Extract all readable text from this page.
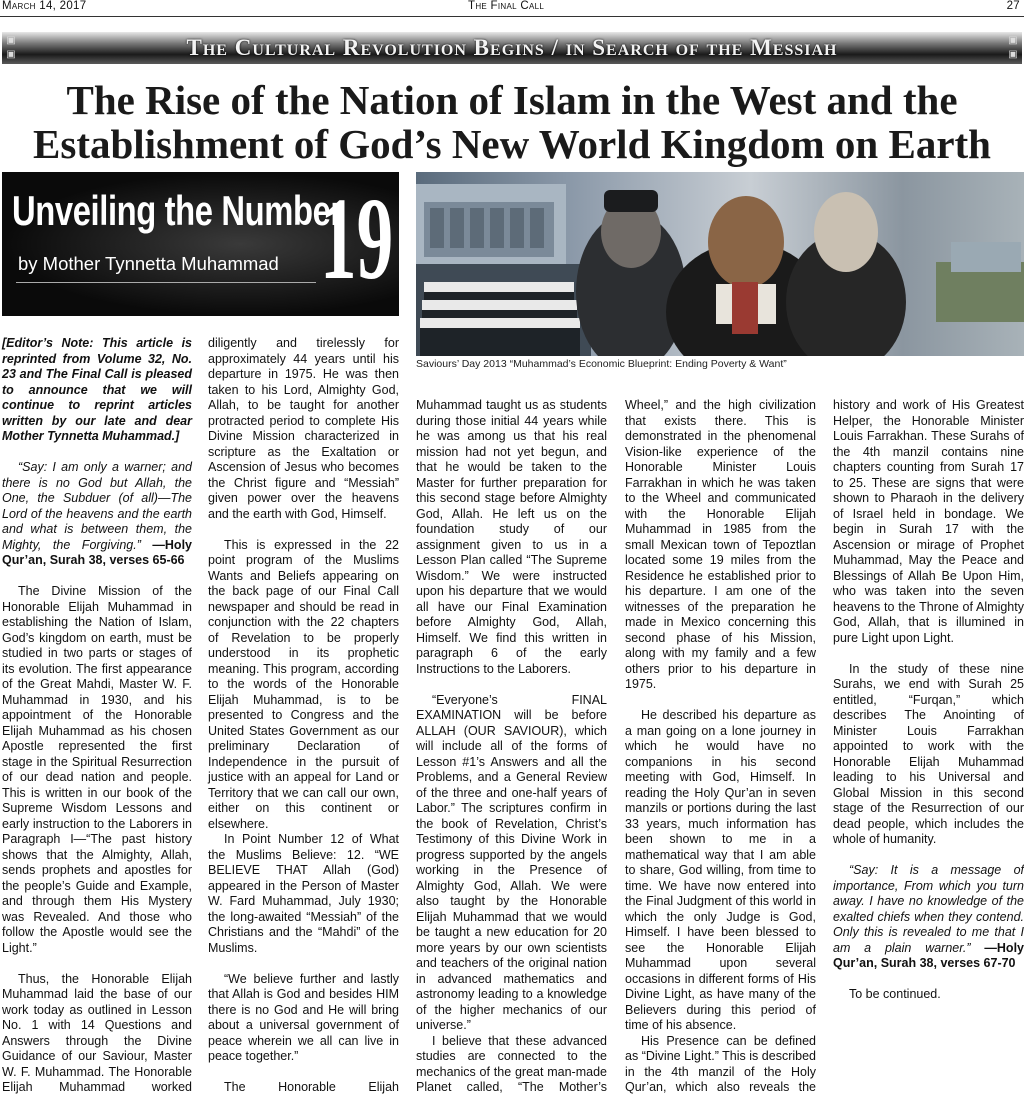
March 14, 2017	The Final Call	27
▣
▣	The Cultural Revolution Begins / in Search of the Messiah	▣
▣
The Rise of the Nation of Islam in the West and the
Establishment of God’s New World Kingdom on Earth
Unveiling the Number
by Mother Tynnetta Muhammad 19
Saviours’ Day 2013 “Muhammad’s Economic Blueprint: Ending Poverty & Want”

[Editor’s Note: This article is reprinted from Volume 32, No. 23 and The Final Call is pleased to announce that we will continue to reprint articles written by our late and dear Mother Tynnetta Muhammad.]

“Say: I am only a warner; and there is no God but Allah, the One, the Subduer (of all)—The Lord of the heavens and the earth and what is between them, the Mighty, the Forgiving.” —Holy Qur’an, Surah 38, verses 65-66

The Divine Mission of the Honorable Elijah Muhammad in establishing the Nation of Islam, God’s kingdom on earth, must be studied in two parts or stages of its evolution. The first appearance of the Great Mahdi, Master W. F. Muhammad in 1930, and his appointment of the Honorable Elijah Muhammad as his chosen Apostle represented the first stage in the Spiritual Resurrection of our dead nation and people. This is written in our book of the Supreme Wisdom Lessons and early instruction to the Laborers in Paragraph I—“The past history shows that the Almighty, Allah, sends prophets and apostles for the people’s Guide and Example, and through them His Mystery was Revealed. And those who follow the Apostle would see the Light.”

Thus, the Honorable Elijah Muhammad laid the base of our work today as outlined in Lesson No. 1 with 14 Questions and Answers through the Divine Guidance of our Saviour, Master W. F. Muhammad. The Honorable Elijah Muhammad worked

diligently and tirelessly for approximately 44 years until his departure in 1975. He was then taken to his Lord, Almighty God, Allah, to be taught for another protracted period to complete His Divine Mission characterized in scripture as the Exaltation or Ascension of Jesus who becomes the Christ figure and “Messiah” given power over the heavens and the earth with God, Himself.

This is expressed in the 22 point program of the Muslims Wants and Beliefs appearing on the back page of our Final Call newspaper and should be read in conjunction with the 22 chapters of Revelation to be properly understood in its prophetic meaning. This program, according to the words of the Honorable Elijah Muhammad, is to be presented to Congress and the United States Government as our preliminary Declaration of Independence in the pursuit of justice with an appeal for Land or Territory that we can call our own, either on this continent or elsewhere.

In Point Number 12 of What the Muslims Believe: 12. “WE BELIEVE THAT Allah (God) appeared in the Person of Master W. Fard Muhammad, July 1930; the long-awaited “Messiah” of the Christians and the “Mahdi” of the Muslims.

“We believe further and lastly that Allah is God and besides HIM there is no God and He will bring about a universal government of peace wherein we all can live in peace together.”

The Honorable Elijah

Muhammad taught us as students during those initial 44 years while he was among us that his real mission had not yet begun, and that he would be taken to the Master for further preparation for this second stage before Almighty God, Allah. He left us on the foundation study of our assignment given to us in a Lesson Plan called “The Supreme Wisdom.” We were instructed upon his departure that we would all have our Final Examination before Almighty God, Allah, Himself. We find this written in paragraph 6 of the early Instructions to the Laborers.

“Everyone’s FINAL EXAMINATION will be before ALLAH (OUR SAVIOUR), which will include all of the forms of Lesson #1’s Answers and all the Problems, and a General Review of the three and one-half years of Labor.” The scriptures confirm in the book of Revelation, Christ’s Testimony of this Divine Work in progress supported by the angels working in the Presence of Almighty God, Allah. We were also taught by the Honorable Elijah Muhammad that we would be taught a new education for 20 more years by our own scientists and teachers of the original nation in advanced mathematics and astronomy leading to a knowledge of the higher mechanics of our universe.”

I believe that these advanced studies are connected to the mechanics of the great man-made Planet called, “The Mother’s

Wheel,” and the high civilization that exists there. This is demonstrated in the phenomenal Vision-like experience of the Honorable Minister Louis Farrakhan in which he was taken to the Wheel and communicated with the Honorable Elijah Muhammad in 1985 from the small Mexican town of Tepoztlan located some 19 miles from the Residence he established prior to his departure. I am one of the witnesses of the preparation he made in Mexico concerning this second phase of his Mission, along with my family and a few others prior to his departure in 1975.

He described his departure as a man going on a lone journey in which he would have no companions in his second meeting with God, Himself. In reading the Holy Qur’an in seven manzils or portions during the last 33 years, much information has been shown to me in a mathematical way that I am able to share, God willing, from time to time. We have now entered into the Final Judgment of this world in which the only Judge is God, Himself. I have been blessed to see the Honorable Elijah Muhammad upon several occasions in different forms of His Divine Light, as have many of the Believers during this period of time of his absence.

His Presence can be defined as “Divine Light.” This is described in the 4th manzil of the Holy Qur’an, which also reveals the

history and work of His Greatest Helper, the Honorable Minister Louis Farrakhan. These Surahs of the 4th manzil contains nine chapters counting from Surah 17 to 25. These are signs that were shown to Pharaoh in the delivery of Israel held in bondage. We begin in Surah 17 with the Ascension or mirage of Prophet Muhammad, May the Peace and Blessings of Allah Be Upon Him, who was taken into the seven heavens to the Throne of Almighty God, Allah, that is illumined in pure Light upon Light.

In the study of these nine Surahs, we end with Surah 25 entitled, “Furqan,” which describes The Anointing of Minister Louis Farrakhan appointed to work with the Honorable Elijah Muhammad leading to his Universal and Global Mission in this second stage of the Resurrection of our dead people, which includes the whole of humanity.

“Say: It is a message of importance, From which you turn away. I have no knowledge of the exalted chiefs when they contend. Only this is revealed to me that I am a plain warner.” —Holy Qur’an, Surah 38, verses 67-70

To be continued.
